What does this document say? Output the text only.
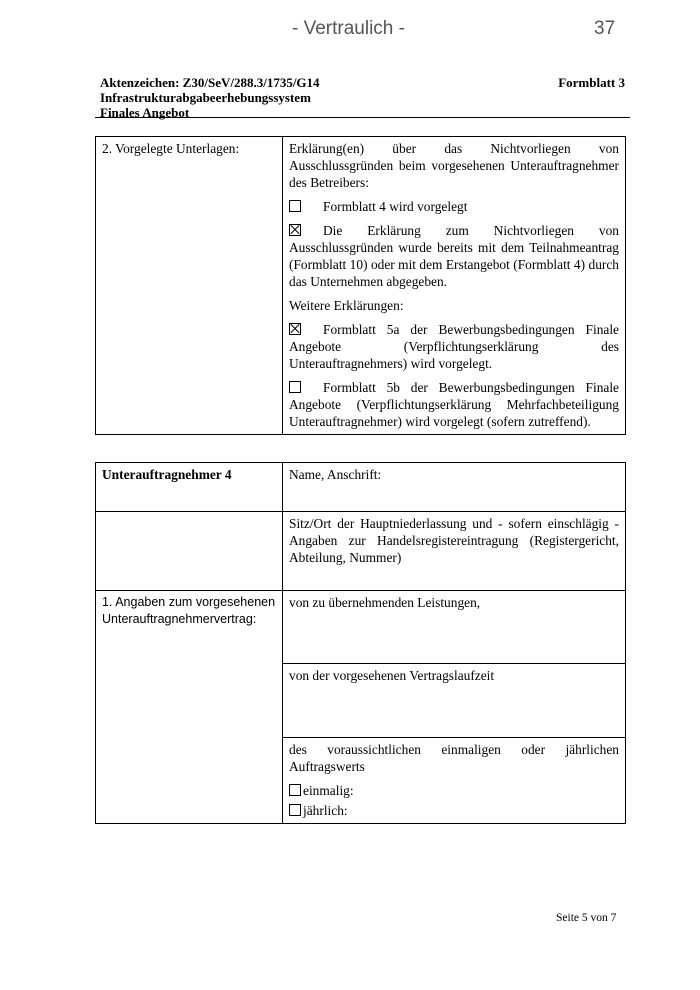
- Vertraulich -	37
Aktenzeichen: Z30/SeV/288.3/1735/G14
Infrastrukturabgabeerhebungssystem
Finales Angebot
Formblatt 3
2. Vorgelegte Unterlagen:	Erklärung(en) über das Nichtvorliegen von Ausschlussgründen beim vorgesehenen Unterauftragnehmer des Betreibers:

Formblatt 4 wird vorgelegt

Die Erklärung zum Nichtvorliegen von Ausschlussgründen wurde bereits mit dem Teilnahmeantrag (Formblatt 10) oder mit dem Erstangebot (Formblatt 4) durch das Unternehmen abgegeben.

Weitere Erklärungen:

Formblatt 5a der Bewerbungsbedingungen Finale Angebote (Verpflichtungserklärung des Unterauftragnehmers) wird vorgelegt.

Formblatt 5b der Bewerbungsbedingungen Finale Angebote (Verpflichtungserklärung Mehrfachbeteiligung Unterauftragnehmer) wird vorgelegt (sofern zutreffend).

Unterauftragnehmer 4	Name, Anschrift:
	Sitz/Ort der Hauptniederlassung und - sofern einschlägig - Angaben zur Handelsregistereintragung (Registergericht, Abteilung, Nummer)
1. Angaben zum vorgesehenen Unterauftragnehmervertrag:	von zu übernehmenden Leistungen,
	von der vorgesehenen Vertragslaufzeit

	des voraussichtlichen einmaligen oder jährlichen Auftragswerts

einmalig:

jährlich:

Seite 5 von 7
